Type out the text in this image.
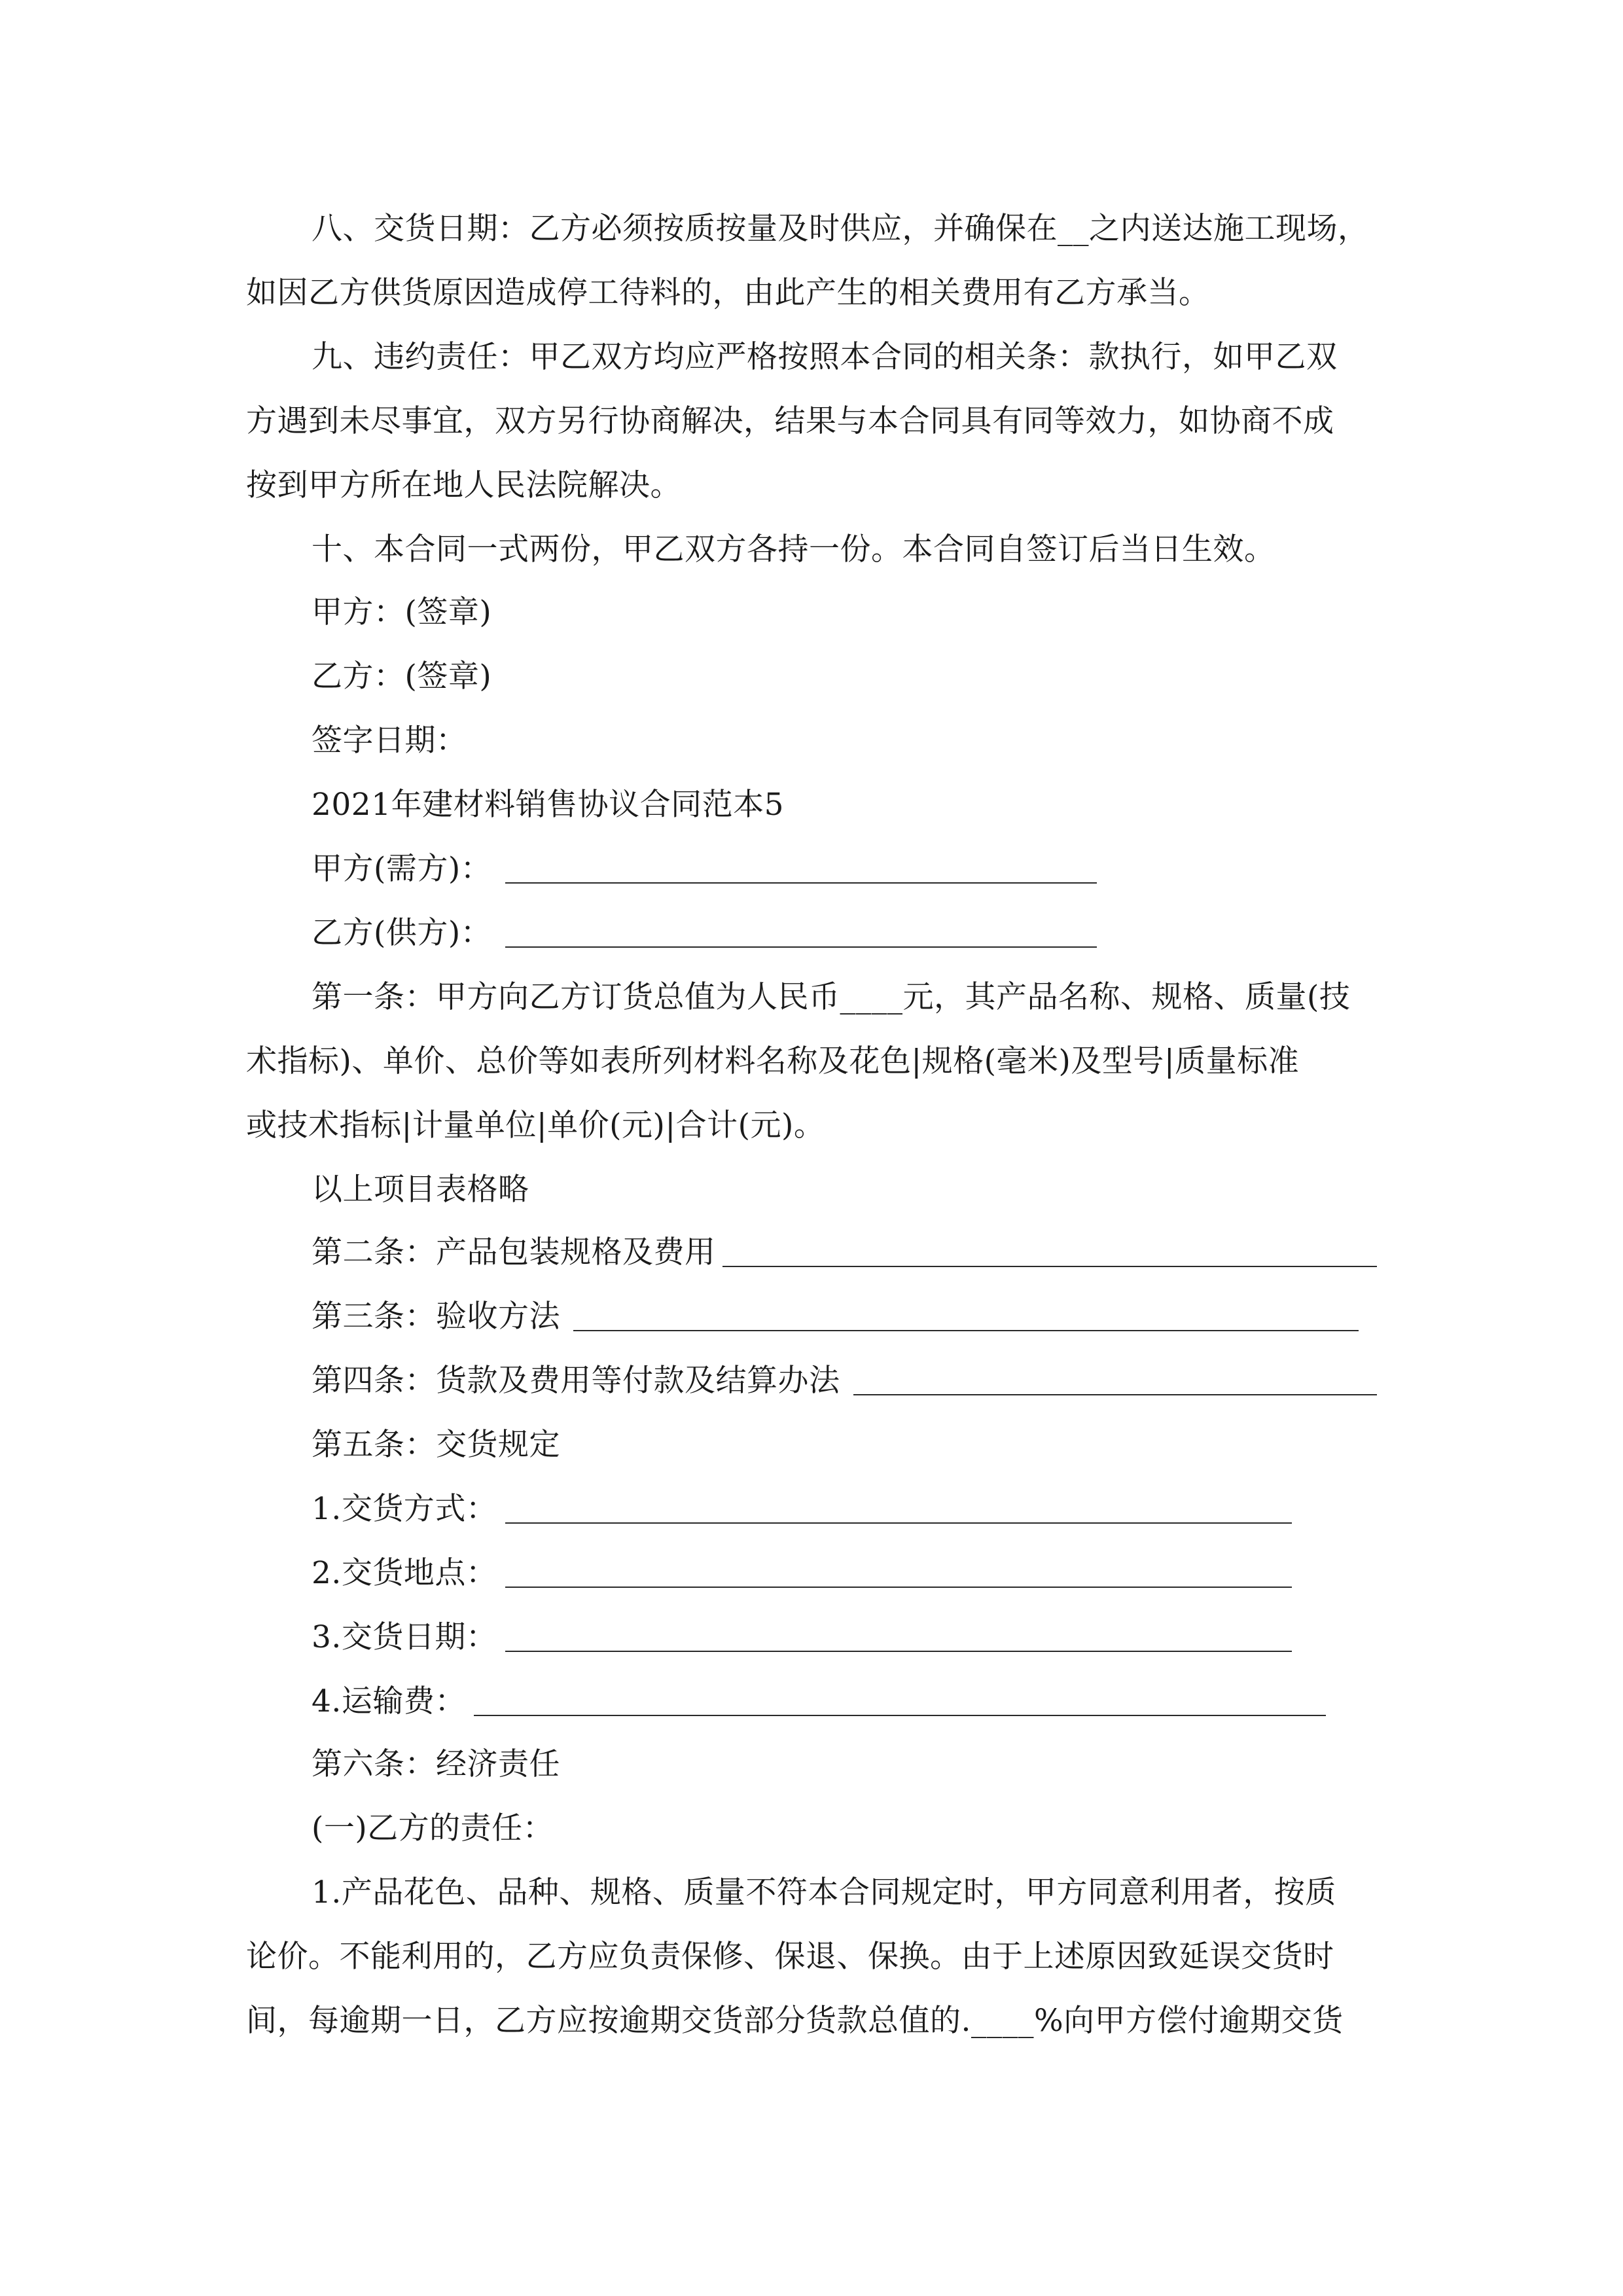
八、交货日期：乙方必须按质按量及时供应，并确保在__之内送达施工现场，
如因乙方供货原因造成停工待料的，由此产生的相关费用有乙方承当。
九、违约责任：甲乙双方均应严格按照本合同的相关条：款执行，如甲乙双
方遇到未尽事宜，双方另行协商解决，结果与本合同具有同等效力，如协商不成
按到甲方所在地人民法院解决。
十、本合同一式两份，甲乙双方各持一份。本合同自签订后当日生效。
甲方：(签章)
乙方：(签章)
签字日期：
2021年建材料销售协议合同范本5
甲方(需方)：
乙方(供方)：
第一条：甲方向乙方订货总值为人民币____元，其产品名称、规格、质量(技
术指标)、单价、总价等如表所列材料名称及花色|规格(毫米)及型号|质量标准
或技术指标|计量单位|单价(元)|合计(元)。
以上项目表格略
第二条：产品包装规格及费用
第三条：验收方法
第四条：货款及费用等付款及结算办法
第五条：交货规定
1.交货方式：
2.交货地点：
3.交货日期：
4.运输费：
第六条：经济责任
(一)乙方的责任：
1.产品花色、品种、规格、质量不符本合同规定时，甲方同意利用者，按质
论价。不能利用的，乙方应负责保修、保退、保换。由于上述原因致延误交货时
间，每逾期一日，乙方应按逾期交货部分货款总值的.____%向甲方偿付逾期交货
